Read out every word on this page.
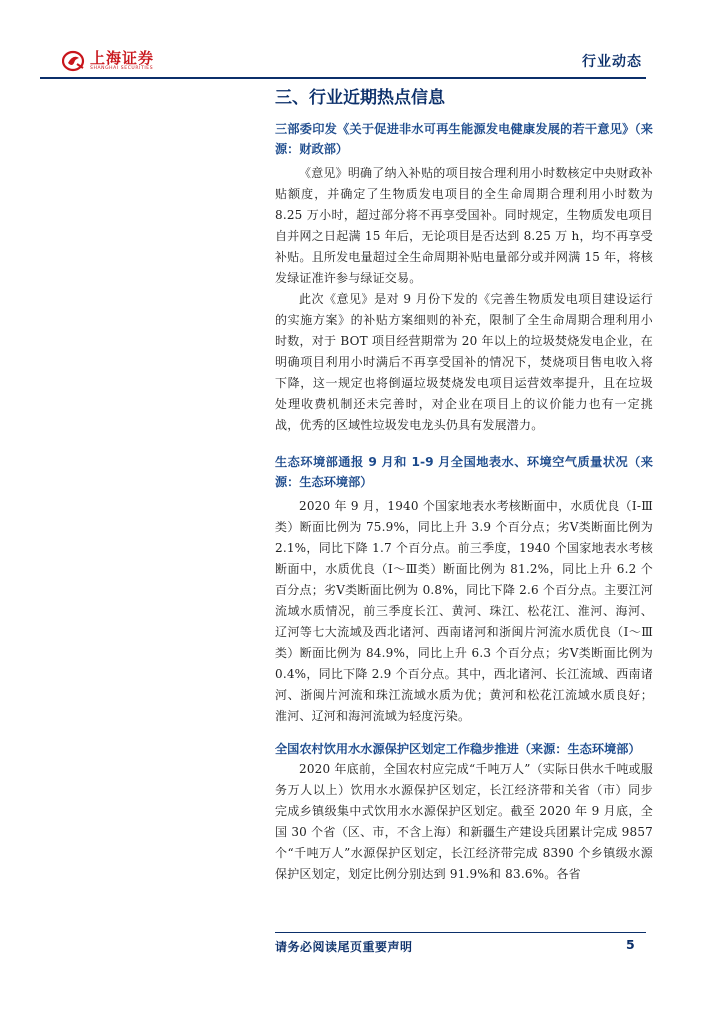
上海证券
SHANGHAI SECURITIES	行业动态
三、行业近期热点信息
三部委印发《关于促进非水可再生能源发电健康发展的若干意见》（来源：财政部）

《意见》明确了纳入补贴的项目按合理利用小时数核定中央财政补贴额度，并确定了生物质发电项目的全生命周期合理利用小时数为 8.25 万小时，超过部分将不再享受国补。同时规定，生物质发电项目自并网之日起满 15 年后，无论项目是否达到 8.25 万 h，均不再享受补贴。且所发电量超过全生命周期补贴电量部分或并网满 15 年，将核发绿证准许参与绿证交易。

此次《意见》是对 9 月份下发的《完善生物质发电项目建设运行的实施方案》的补贴方案细则的补充，限制了全生命周期合理利用小时数，对于 BOT 项目经营期常为 20 年以上的垃圾焚烧发电企业，在明确项目利用小时满后不再享受国补的情况下，焚烧项目售电收入将下降，这一规定也将倒逼垃圾焚烧发电项目运营效率提升，且在垃圾处理收费机制还未完善时，对企业在项目上的议价能力也有一定挑战，优秀的区域性垃圾发电龙头仍具有发展潜力。

生态环境部通报 9 月和 1-9 月全国地表水、环境空气质量状况（来源：生态环境部）

2020 年 9 月，1940 个国家地表水考核断面中，水质优良（Ⅰ-Ⅲ类）断面比例为 75.9%，同比上升 3.9 个百分点；劣Ⅴ类断面比例为 2.1%，同比下降 1.7 个百分点。前三季度，1940 个国家地表水考核断面中，水质优良（Ⅰ～Ⅲ类）断面比例为 81.2%，同比上升 6.2 个百分点；劣Ⅴ类断面比例为 0.8%，同比下降 2.6 个百分点。主要江河流域水质情况，前三季度长江、黄河、珠江、松花江、淮河、海河、辽河等七大流域及西北诸河、西南诸河和浙闽片河流水质优良（Ⅰ～Ⅲ类）断面比例为 84.9%，同比上升 6.3 个百分点；劣Ⅴ类断面比例为 0.4%，同比下降 2.9 个百分点。其中，西北诸河、长江流域、西南诸河、浙闽片河流和珠江流域水质为优；黄河和松花江流域水质良好；淮河、辽河和海河流域为轻度污染。

全国农村饮用水水源保护区划定工作稳步推进（来源：生态环境部）

2020 年底前，全国农村应完成“千吨万人”（实际日供水千吨或服务万人以上）饮用水水源保护区划定，长江经济带和关省（市）同步完成乡镇级集中式饮用水水源保护区划定。截至 2020 年 9 月底，全国 30 个省（区、市，不含上海）和新疆生产建设兵团累计完成 9857 个“千吨万人”水源保护区划定，长江经济带完成 8390 个乡镇级水源保护区划定，划定比例分别达到 91.9%和 83.6%。各省

请务必阅读尾页重要声明	5
